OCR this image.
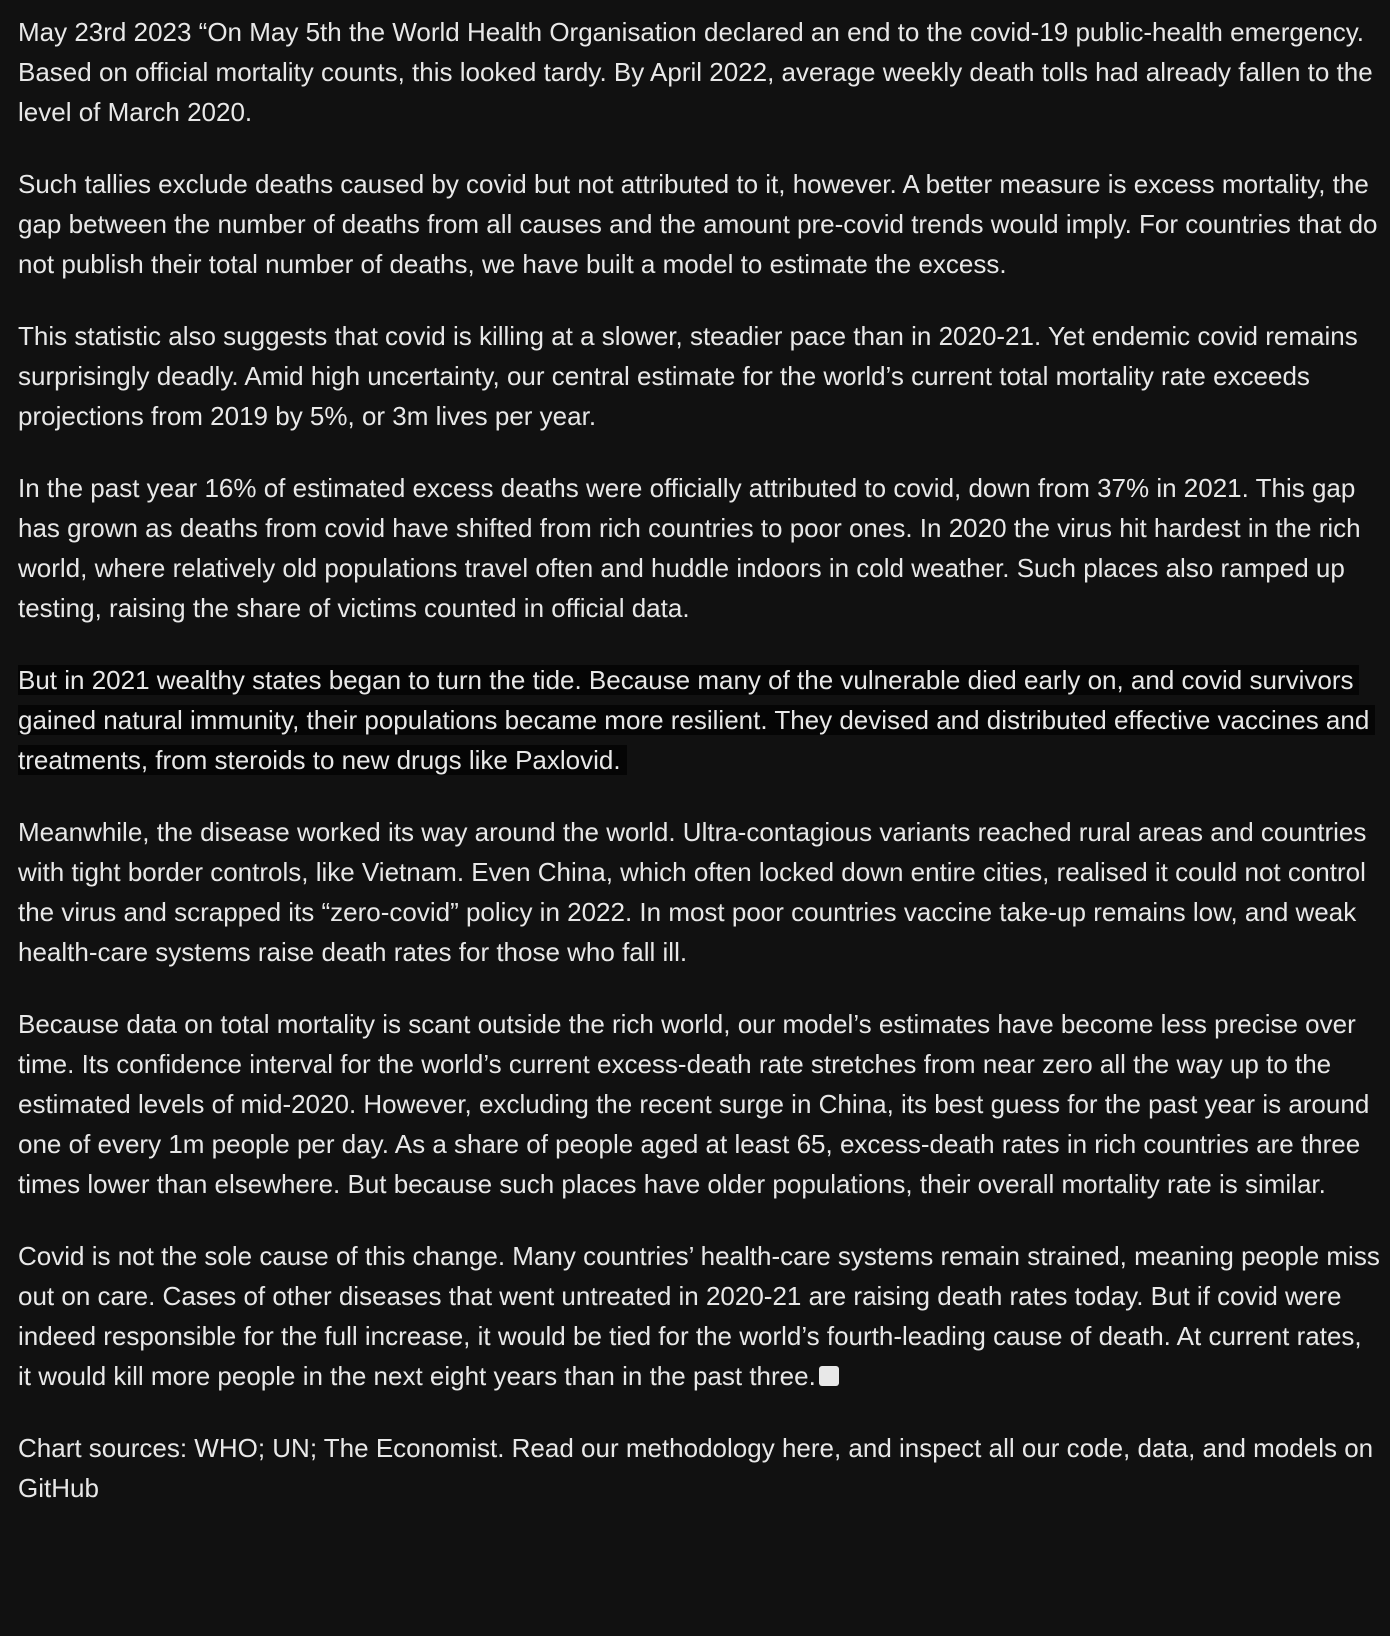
May 23rd 2023 “On May 5th the World Health Organisation declared an end to the covid-19 public-health emergency. Based on official mortality counts, this looked tardy. By April 2022, average weekly death tolls had already fallen to the level of March 2020.

Such tallies exclude deaths caused by covid but not attributed to it, however. A better measure is excess mortality, the gap between the number of deaths from all causes and the amount pre-covid trends would imply. For countries that do not publish their total number of deaths, we have built a model to estimate the excess.

This statistic also suggests that covid is killing at a slower, steadier pace than in 2020-21. Yet endemic covid remains surprisingly deadly. Amid high uncertainty, our central estimate for the world’s current total mortality rate exceeds projections from 2019 by 5%, or 3m lives per year.

In the past year 16% of estimated excess deaths were officially attributed to covid, down from 37% in 2021. This gap has grown as deaths from covid have shifted from rich countries to poor ones. In 2020 the virus hit hardest in the rich world, where relatively old populations travel often and huddle indoors in cold weather. Such places also ramped up testing, raising the share of victims counted in official data.

But in 2021 wealthy states began to turn the tide. Because many of the vulnerable died early on, and covid survivors gained natural immunity, their populations became more resilient. They devised and distributed effective vaccines and treatments, from steroids to new drugs like Paxlovid.

Meanwhile, the disease worked its way around the world. Ultra-contagious variants reached rural areas and countries with tight border controls, like Vietnam. Even China, which often locked down entire cities, realised it could not control the virus and scrapped its “zero-covid” policy in 2022. In most poor countries vaccine take-up remains low, and weak health-care systems raise death rates for those who fall ill.

Because data on total mortality is scant outside the rich world, our model’s estimates have become less precise over time. Its confidence interval for the world’s current excess-death rate stretches from near zero all the way up to the estimated levels of mid-2020. However, excluding the recent surge in China, its best guess for the past year is around one of every 1m people per day. As a share of people aged at least 65, excess-death rates in rich countries are three times lower than elsewhere. But because such places have older populations, their overall mortality rate is similar.

Covid is not the sole cause of this change. Many countries’ health-care systems remain strained, meaning people miss out on care. Cases of other diseases that went untreated in 2020-21 are raising death rates today. But if covid were indeed responsible for the full increase, it would be tied for the world’s fourth-leading cause of death. At current rates, it would kill more people in the next eight years than in the past three.

Chart sources: WHO; UN; The Economist. Read our methodology here, and inspect all our code, data, and models on GitHub
